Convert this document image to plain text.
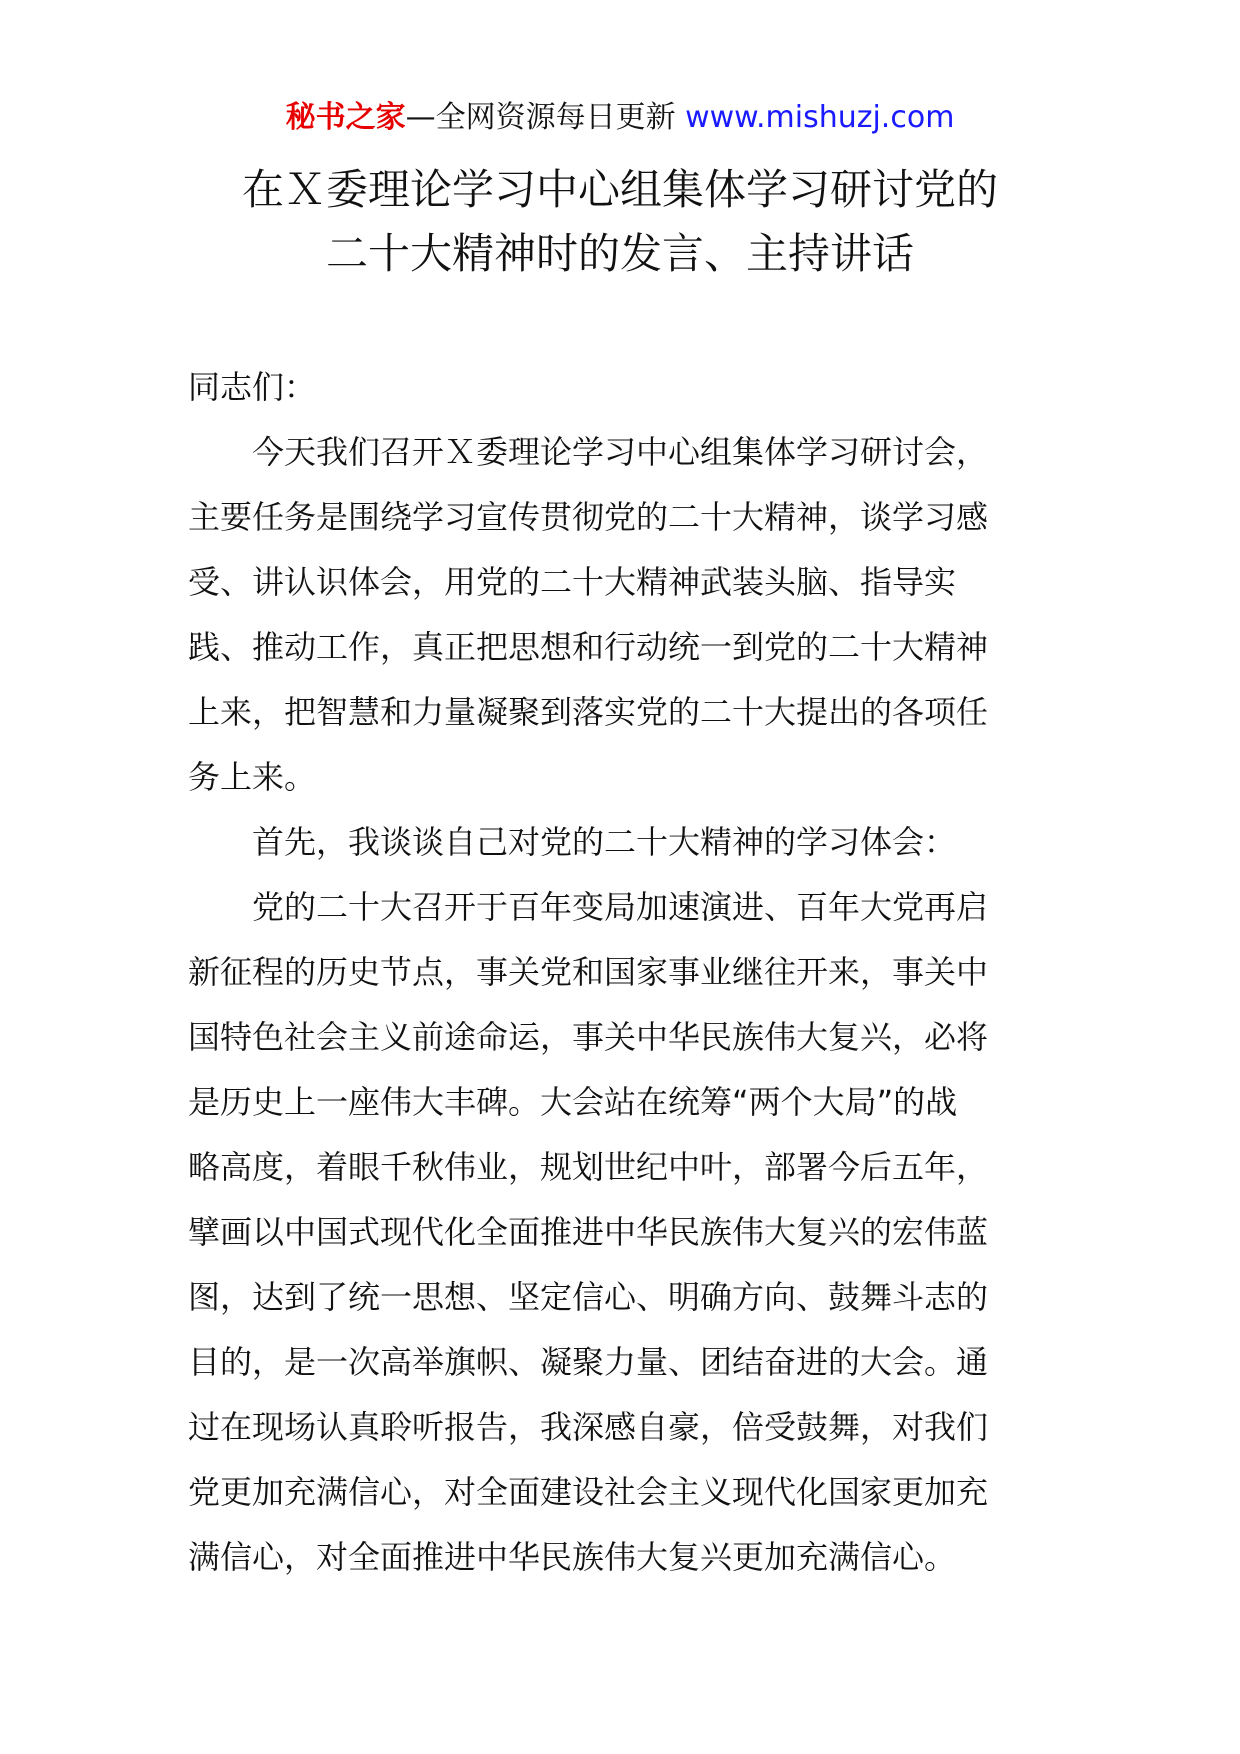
秘书之家—全网资源每日更新 www.mishuzj.com
在Ｘ委理论学习中心组集体学习研讨党的
二十大精神时的发言、主持讲话
同志们：
今天我们召开Ｘ委理论学习中心组集体学习研讨会，
主要任务是围绕学习宣传贯彻党的二十大精神，谈学习感
受、讲认识体会，用党的二十大精神武装头脑、指导实
践、推动工作，真正把思想和行动统一到党的二十大精神
上来，把智慧和力量凝聚到落实党的二十大提出的各项任
务上来。
首先，我谈谈自己对党的二十大精神的学习体会：
党的二十大召开于百年变局加速演进、百年大党再启
新征程的历史节点，事关党和国家事业继往开来，事关中
国特色社会主义前途命运，事关中华民族伟大复兴，必将
是历史上一座伟大丰碑。大会站在统筹“两个大局”的战
略高度，着眼千秋伟业，规划世纪中叶，部署今后五年，
擘画以中国式现代化全面推进中华民族伟大复兴的宏伟蓝
图，达到了统一思想、坚定信心、明确方向、鼓舞斗志的
目的，是一次高举旗帜、凝聚力量、团结奋进的大会。通
过在现场认真聆听报告，我深感自豪，倍受鼓舞，对我们
党更加充满信心，对全面建设社会主义现代化国家更加充
满信心，对全面推进中华民族伟大复兴更加充满信心。
